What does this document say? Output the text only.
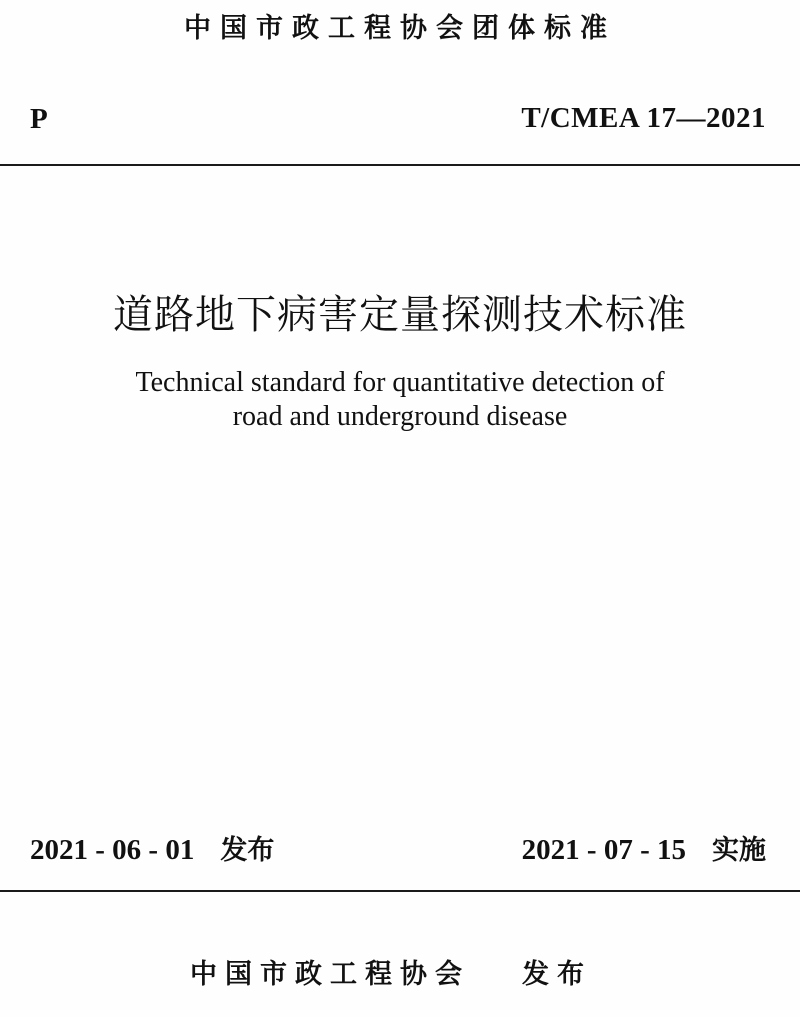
中国市政工程协会团体标准
P	T/CMEA 17—2021
道路地下病害定量探测技术标准
Technical standard for quantitative detection of
road and underground disease
2021 - 06 - 01 发布	2021 - 07 - 15 实施
中国市政工程协会 发布
